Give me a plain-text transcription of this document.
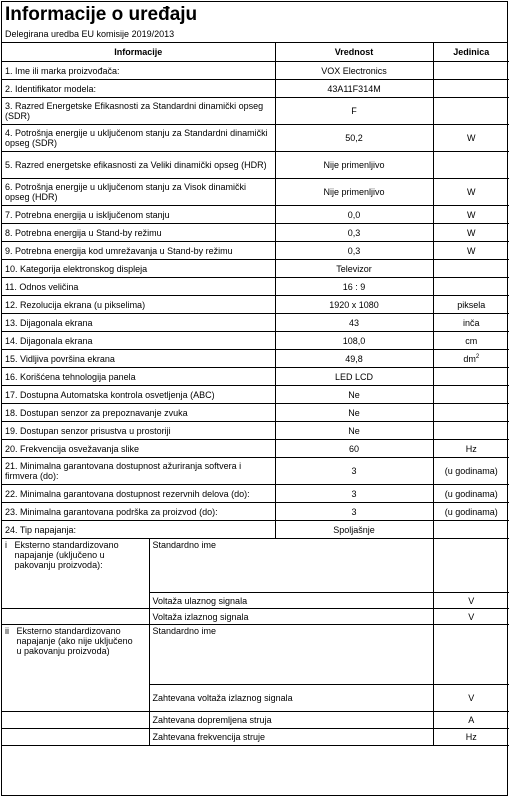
Informacije o uređaju
Delegirana uredba EU komisije 2019/2013
Informacije		Vrednost	Jedinica
1. Ime ili marka proizvođača:		VOX Electronics	
2. Identifikator modela:		43A11F314M	
3. Razred Energetske Efikasnosti za Standardni dinamički opseg (SDR)		F	
4. Potrošnja energije u uključenom stanju za Standardni dinamički opseg (SDR)		50,2	W
5. Razred energetske efikasnosti za Veliki dinamički opseg (HDR)		Nije primenljivo	
6. Potrošnja energije u uključenom stanju za Visok dinamički opseg (HDR)		Nije primenljivo	W
7. Potrebna energija u isključenom stanju		0,0	W
8. Potrebna energija u Stand-by režimu		0,3	W
9. Potrebna energija kod umrežavanja u Stand-by režimu		0,3	W
10. Kategorija elektronskog displeja		Televizor	
11. Odnos veličina		16 : 9	
12. Rezolucija ekrana (u pikselima)		1920 x 1080	piksela
13. Dijagonala ekrana		43	inča
14. Dijagonala ekrana		108,0	cm
15. Vidljiva površina ekrana		49,8	$dm^2$
16. Korišćena tehnologija panela		LED LCD	
17. Dostupna Automatska kontrola osvetljenja (ABC)		Ne	
18. Dostupan senzor za prepoznavanje zvuka		Ne	
19. Dostupan senzor prisustva u prostoriji		Ne	
20. Frekvencija osvežavanja slike		60	Hz
21. Minimalna garantovana dostupnost ažuriranja softvera i firmvera (do):		3	(u godinama)
22. Minimalna garantovana dostupnost rezervnih delova (do):		3	(u godinama)
23. Minimalna garantovana podrška za proizvod (do):		3	(u godinama)
24. Tip napajanja:		Spoljašnje	
i Eksterno standardizovano napajanje (uključeno u pakovanju proizvoda):	Standardno ime		
	Voltaža ulaznog signala		V
	Voltaža izlaznog signala		V
ii Eksterno standardizovano napajanje (ako nije uključeno u pakovanju proizvoda)	Standardno ime		
	Zahtevana voltaža izlaznog signala		V
	Zahtevana dopremljena struja		A
	Zahtevana frekvencija struje		Hz
